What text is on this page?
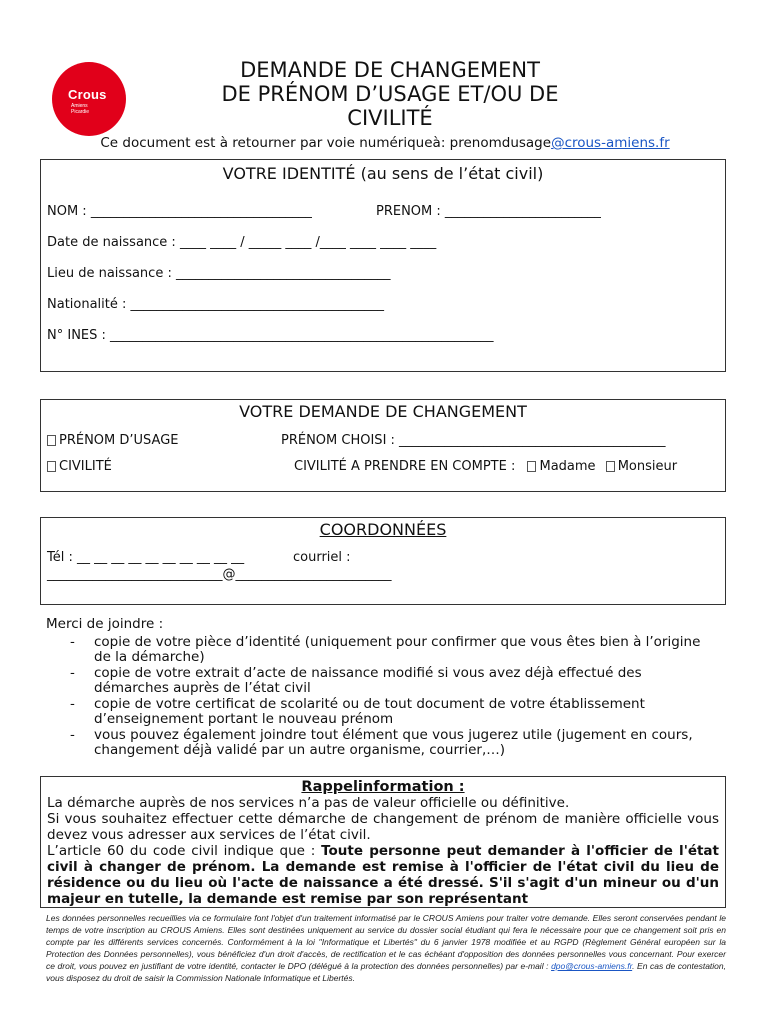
Crous
Amiens
Picardie
DEMANDE DE CHANGEMENT
DE PRÉNOM D’USAGE ET/OU DE
CIVILITÉ
Ce document est à retourner par voie numériqueà: prenomdusage@crous-amiens.fr
VOTRE IDENTITÉ (au sens de l’état civil)
NOM : __________________________________	PRENOM : ________________________
Date de naissance : ____ ____ / _____ ____ /____ ____ ____ ____
Lieu de naissance : _________________________________
Nationalité : _______________________________________
N° INES : ___________________________________________________________
VOTRE DEMANDE DE CHANGEMENT
PRÉNOM D’USAGE	PRÉNOM CHOISI : _________________________________________
CIVILITÉ	CIVILITÉ A PRENDRE EN COMPTE : Madame Monsieur
COORDONNÉES
Tél : __ __ __ __ __ __ __ __ __ __	courriel :
___________________________@________________________
Merci de joindre :
- copie de votre pièce d’identité (uniquement pour confirmer que vous êtes bien à l’origine de la démarche)
- copie de votre extrait d’acte de naissance modifié si vous avez déjà effectué des démarches auprès de l’état civil
- copie de votre certificat de scolarité ou de tout document de votre établissement d’enseignement portant le nouveau prénom
- vous pouvez également joindre tout élément que vous jugerez utile (jugement en cours, changement déjà validé par un autre organisme, courrier,…)
Rappelinformation :
La démarche auprès de nos services n’a pas de valeur officielle ou définitive.
Si vous souhaitez effectuer cette démarche de changement de prénom de manière officielle vous devez vous adresser aux services de l’état civil.
L’article 60 du code civil indique que : Toute personne peut demander à l'officier de l'état civil à changer de prénom. La demande est remise à l'officier de l'état civil du lieu de résidence ou du lieu où l'acte de naissance a été dressé. S'il s'agit d'un mineur ou d'un majeur en tutelle, la demande est remise par son représentant
Les données personnelles recueillies via ce formulaire font l'objet d'un traitement informatisé par le CROUS Amiens pour traiter votre demande. Elles seront conservées pendant le temps de votre inscription au CROUS Amiens. Elles sont destinées uniquement au service du dossier social étudiant qui fera le nécessaire pour que ce changement soit pris en compte par les différents services concernés. Conformément à la loi "Informatique et Libertés" du 6 janvier 1978 modifiée et au RGPD (Règlement Général européen sur la Protection des Données personnelles), vous bénéficiez d'un droit d'accès, de rectification et le cas échéant d'opposition des données personnelles vous concernant. Pour exercer ce droit, vous pouvez en justifiant de votre identité, contacter le DPO (délégué à la protection des données personnelles) par e-mail : dpo@crous-amiens.fr. En cas de contestation, vous disposez du droit de saisir la Commission Nationale Informatique et Libertés.
